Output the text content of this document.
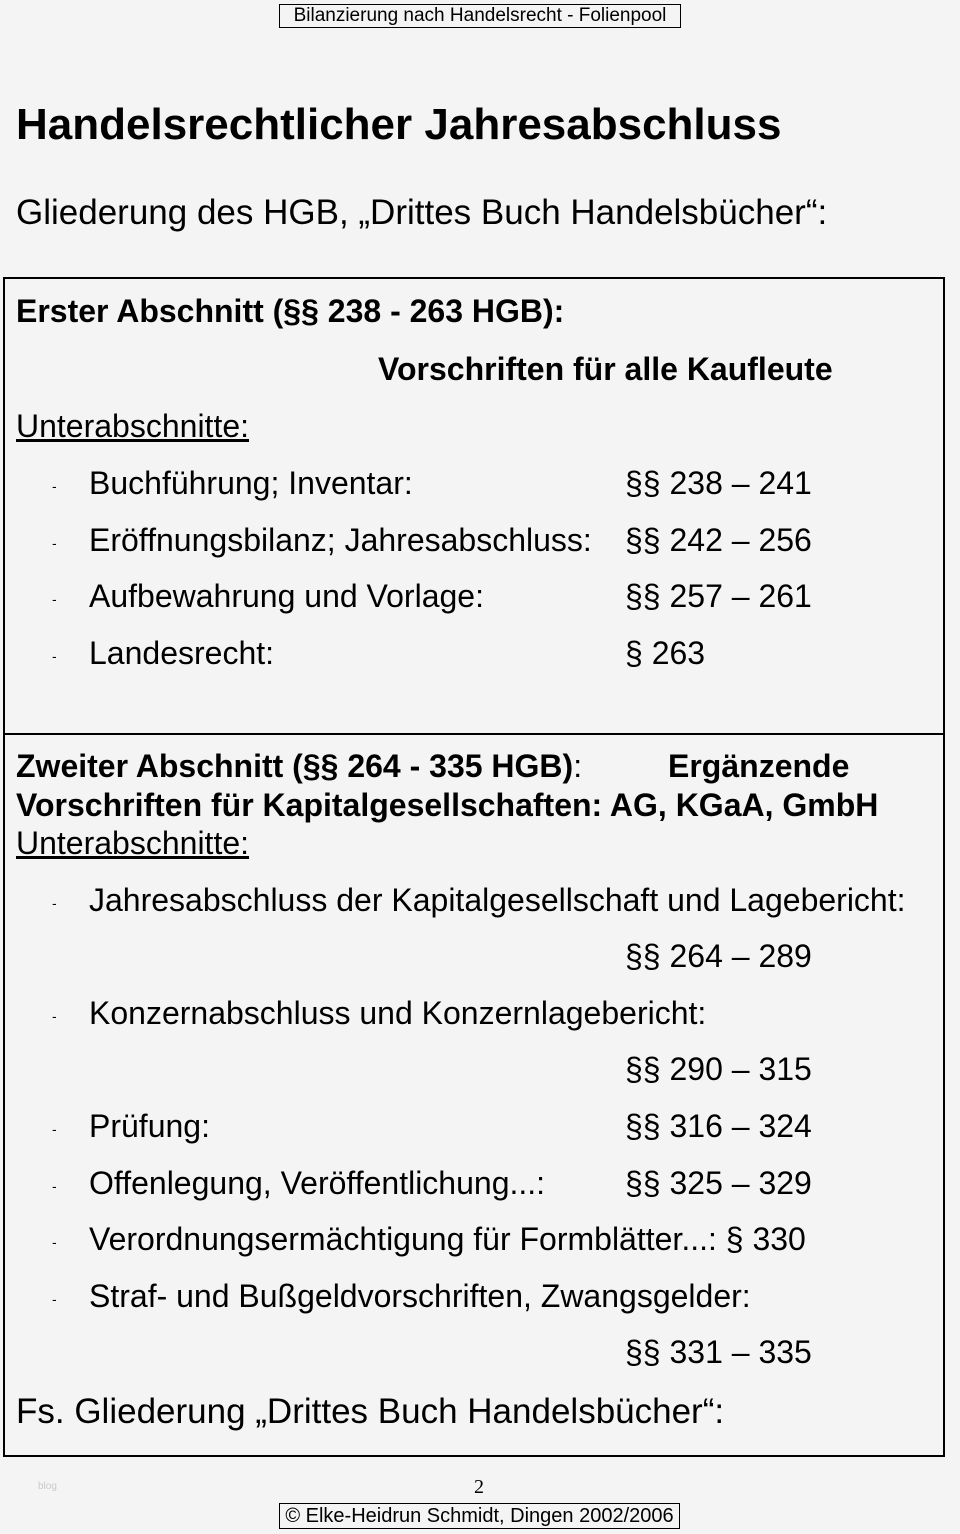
Bilanzierung nach Handelsrecht - Folienpool
Handelsrechtlicher Jahresabschluss
Gliederung des HGB, „Drittes Buch Handelsbücher“:
Erster Abschnitt (§§ 238 - 263 HGB):
Vorschriften für alle Kaufleute
Unterabschnitte:
- Buchführung; Inventar:	§§ 238 – 241
- Eröffnungsbilanz; Jahresabschluss: §§ 242 – 256
- Aufbewahrung und Vorlage:	§§ 257 – 261
- Landesrecht:	§ 263
Zweiter Abschnitt (§§ 264 - 335 HGB):	Ergänzende
Vorschriften für Kapitalgesellschaften: AG, KGaA, GmbH
Unterabschnitte:
- Jahresabschluss der Kapitalgesellschaft und Lagebericht:
§§ 264 – 289
- Konzernabschluss und Konzernlagebericht:
§§ 290 – 315
- Prüfung:	§§ 316 – 324
- Offenlegung, Veröffentlichung...: §§ 325 – 329
- Verordnungsermächtigung für Formblätter...: § 330
- Straf- und Bußgeldvorschriften, Zwangsgelder:
§§ 331 – 335
Fs. Gliederung „Drittes Buch Handelsbücher“:
blog	2
© Elke-Heidrun Schmidt, Dingen 2002/2006
